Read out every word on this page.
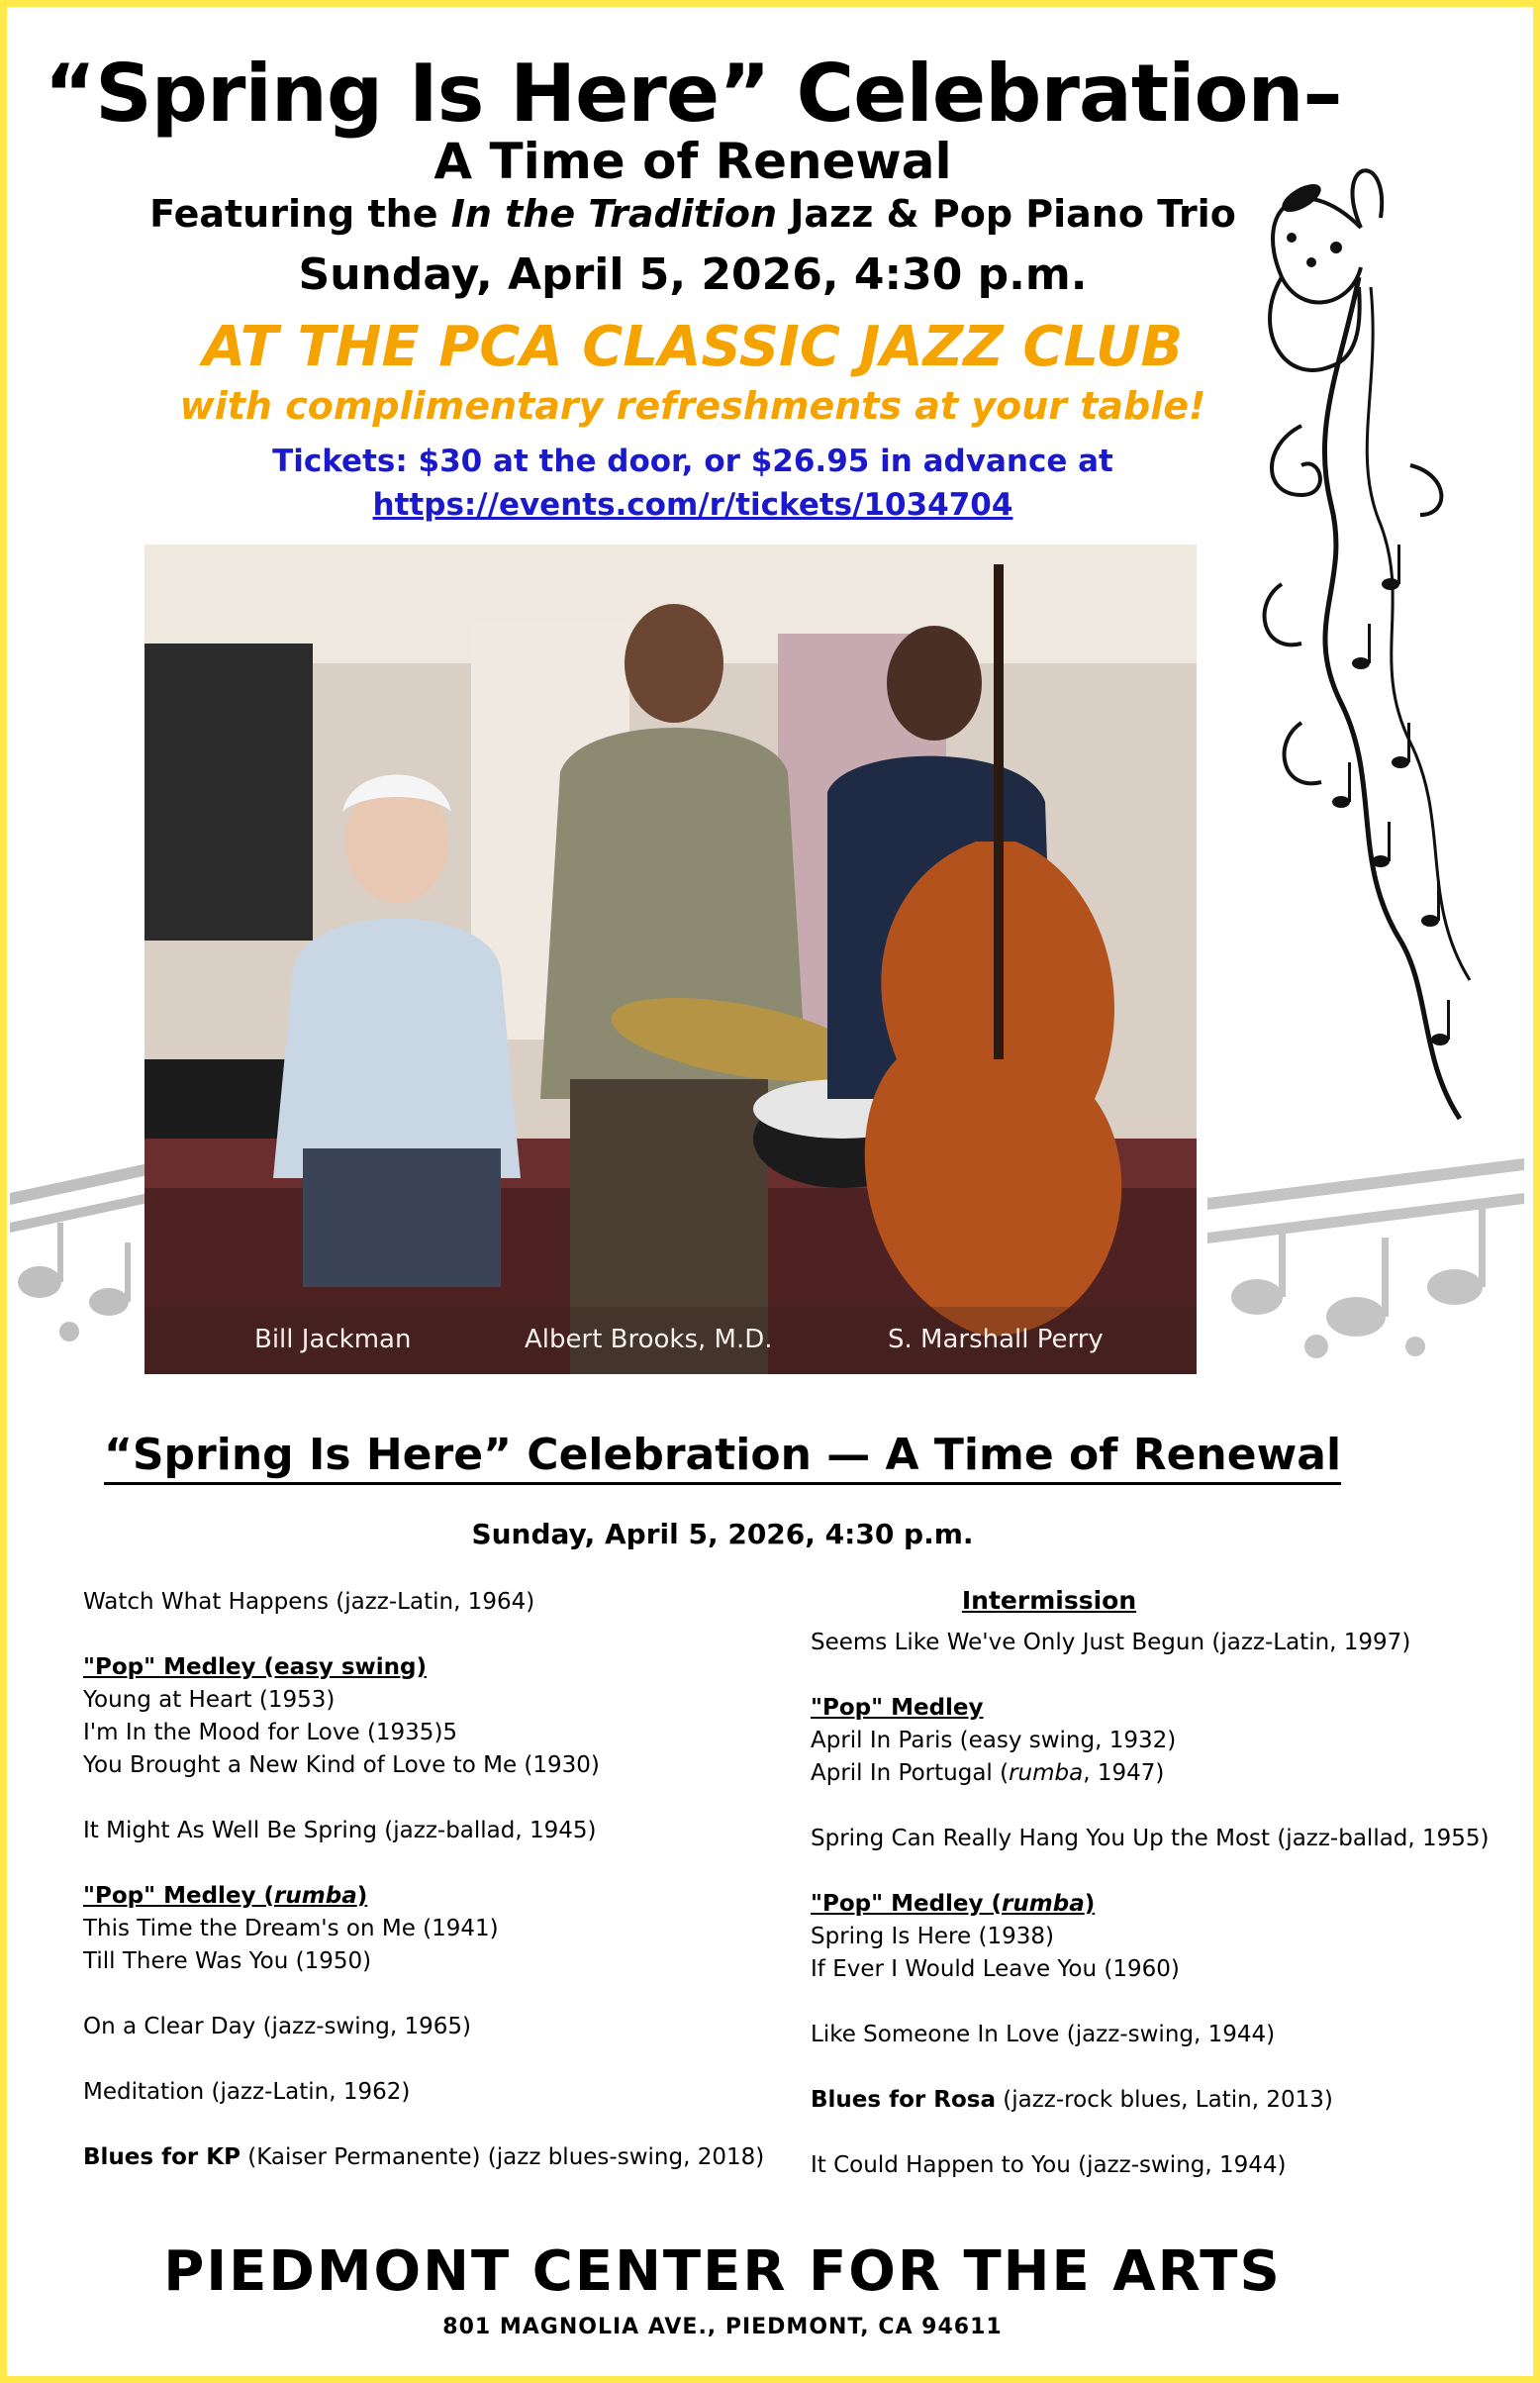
“Spring Is Here” Celebration–
A Time of Renewal
Featuring the In the Tradition Jazz & Pop Piano Trio
Sunday, April 5, 2026, 4:30 p.m.
AT THE PCA CLASSIC JAZZ CLUB
with complimentary refreshments at your table!
Tickets: $30 at the door, or $26.95 in advance at
https://events.com/r/tickets/1034704
Bill Jackman	Albert Brooks, M.D.	S. Marshall Perry
“Spring Is Here” Celebration — A Time of Renewal
Sunday, April 5, 2026, 4:30 p.m.
Watch What Happens (jazz-Latin, 1964)
"Pop" Medley (easy swing)
Young at Heart (1953)
I'm In the Mood for Love (1935)5
You Brought a New Kind of Love to Me (1930)
It Might As Well Be Spring (jazz-ballad, 1945)
"Pop" Medley (rumba)
This Time the Dream's on Me (1941)
Till There Was You (1950)
On a Clear Day (jazz-swing, 1965)
Meditation (jazz-Latin, 1962)
Blues for KP (Kaiser Permanente) (jazz blues-swing, 2018)
Intermission
Seems Like We've Only Just Begun (jazz-Latin, 1997)
"Pop" Medley
April In Paris (easy swing, 1932)
April In Portugal (rumba, 1947)
Spring Can Really Hang You Up the Most (jazz-ballad, 1955)
"Pop" Medley (rumba)
Spring Is Here (1938)
If Ever I Would Leave You (1960)
Like Someone In Love (jazz-swing, 1944)
Blues for Rosa (jazz-rock blues, Latin, 2013)
It Could Happen to You (jazz-swing, 1944)
PIEDMONT CENTER FOR THE ARTS
801 MAGNOLIA AVE., PIEDMONT, CA 94611
